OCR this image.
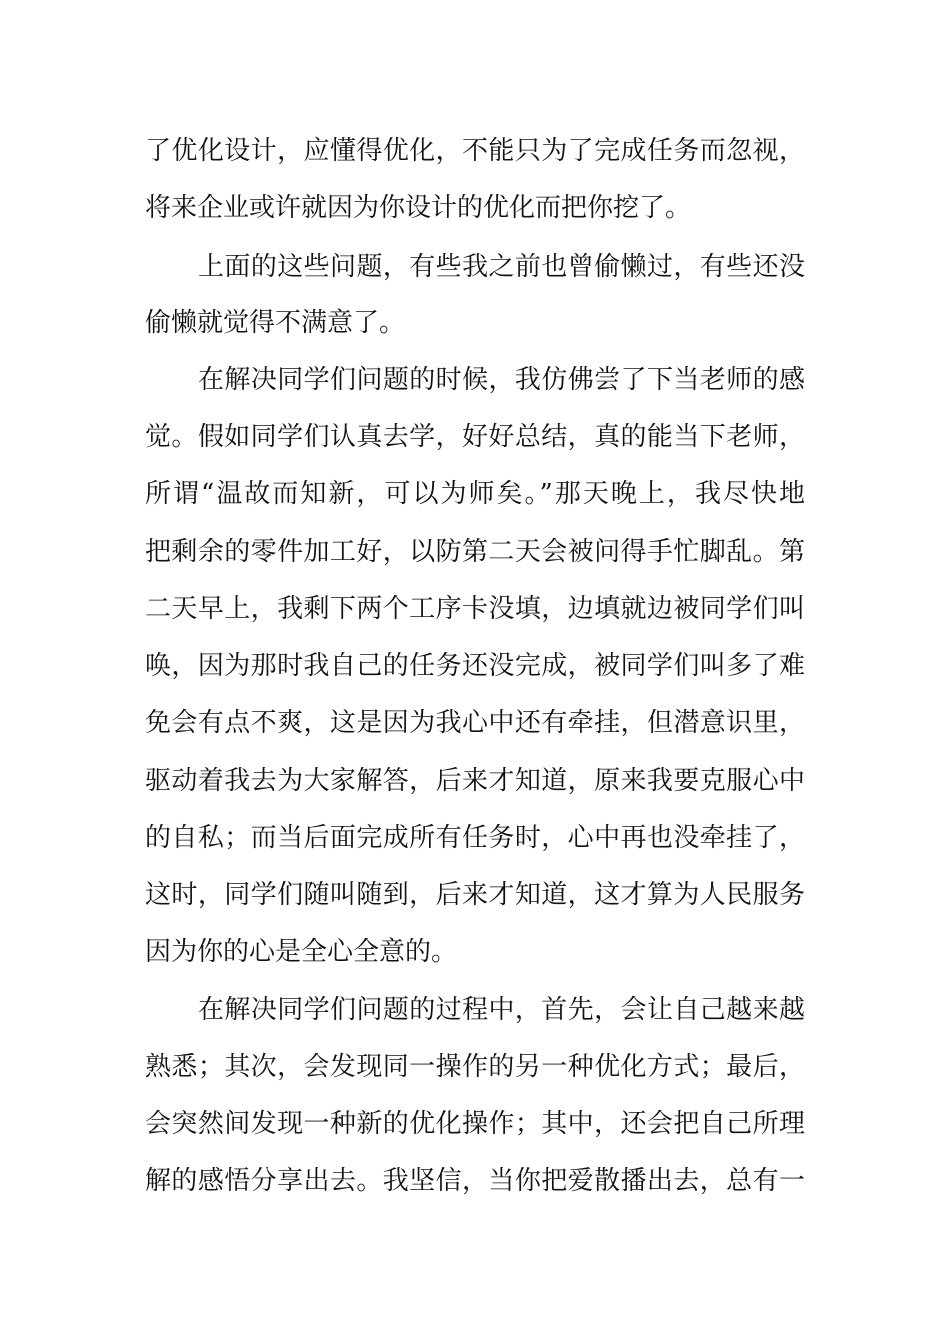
了优化设计，应懂得优化，不能只为了完成任务而忽视，
将来企业或许就因为你设计的优化而把你挖了。
上面的这些问题，有些我之前也曾偷懒过，有些还没
偷懒就觉得不满意了。
在解决同学们问题的时候，我仿佛尝了下当老师的感
觉。假如同学们认真去学，好好总结，真的能当下老师，
所谓“温故而知新，可以为师矣。”那天晚上，我尽快地
把剩余的零件加工好，以防第二天会被问得手忙脚乱。第
二天早上，我剩下两个工序卡没填，边填就边被同学们叫
唤，因为那时我自己的任务还没完成，被同学们叫多了难
免会有点不爽，这是因为我心中还有牵挂，但潜意识里，
驱动着我去为大家解答，后来才知道，原来我要克服心中
的自私；而当后面完成所有任务时，心中再也没牵挂了，
这时，同学们随叫随到，后来才知道，这才算为人民服务
因为你的心是全心全意的。
在解决同学们问题的过程中，首先，会让自己越来越
熟悉；其次，会发现同一操作的另一种优化方式；最后，
会突然间发现一种新的优化操作；其中，还会把自己所理
解的感悟分享出去。我坚信，当你把爱散播出去，总有一
